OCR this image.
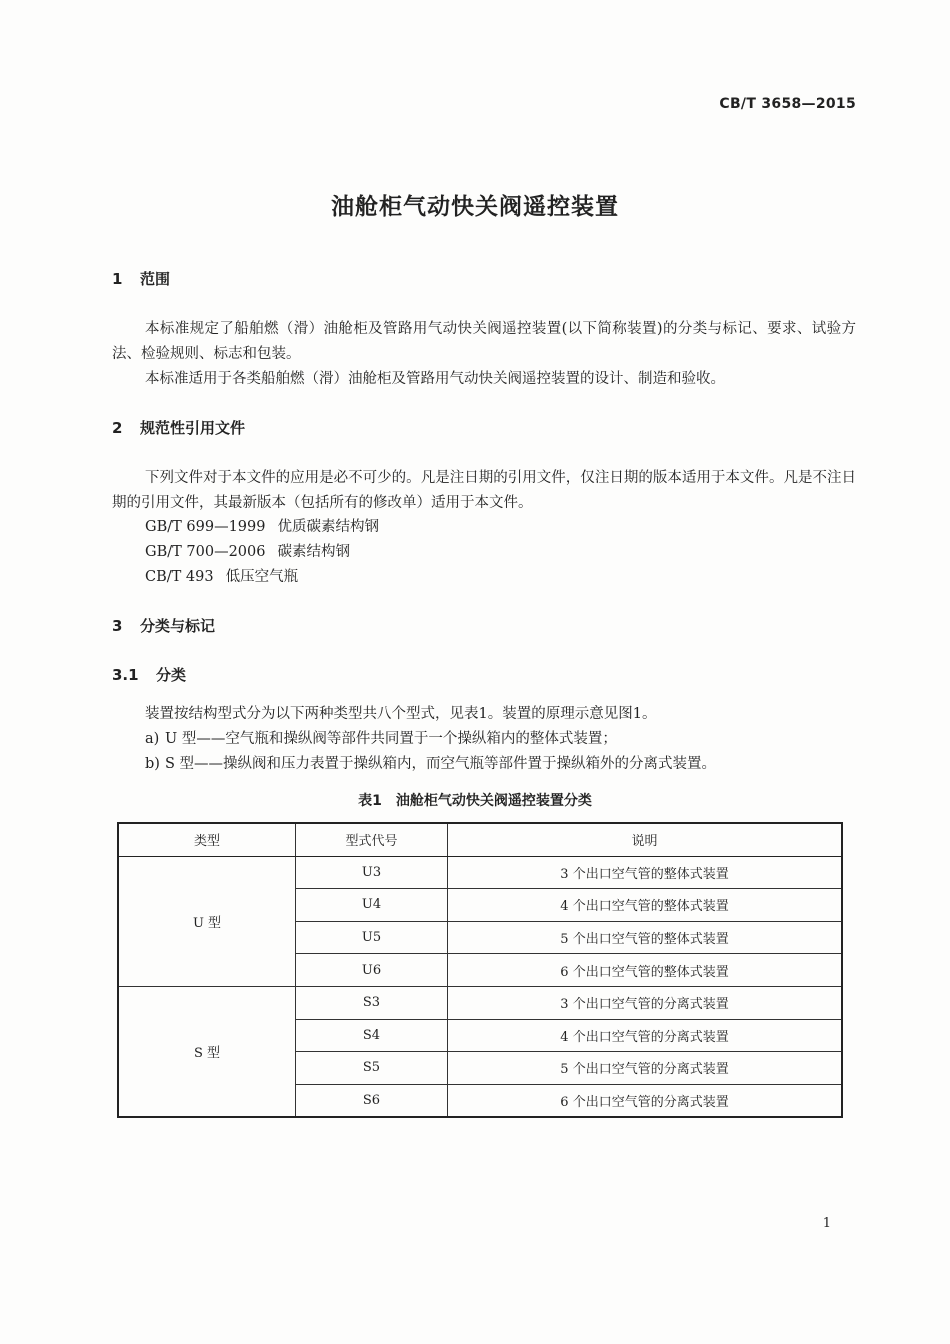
CB/T 3658—2015
油舱柜气动快关阀遥控装置
1 范围
本标准规定了船舶燃（滑）油舱柜及管路用气动快关阀遥控装置(以下简称装置)的分类与标记、要求、试验方法、检验规则、标志和包装。
本标准适用于各类船舶燃（滑）油舱柜及管路用气动快关阀遥控装置的设计、制造和验收。
2 规范性引用文件
下列文件对于本文件的应用是必不可少的。凡是注日期的引用文件，仅注日期的版本适用于本文件。凡是不注日期的引用文件，其最新版本（包括所有的修改单）适用于本文件。
GB/T 699—1999 优质碳素结构钢
GB/T 700—2006 碳素结构钢
CB/T 493 低压空气瓶
3 分类与标记
3.1 分类
装置按结构型式分为以下两种类型共八个型式，见表1。装置的原理示意见图1。
a) U 型——空气瓶和操纵阀等部件共同置于一个操纵箱内的整体式装置；
b) S 型——操纵阀和压力表置于操纵箱内，而空气瓶等部件置于操纵箱外的分离式装置。
表1 油舱柜气动快关阀遥控装置分类
类型	型式代号	说明
U 型	U3	3 个出口空气管的整体式装置
	U4	4 个出口空气管的整体式装置
	U5	5 个出口空气管的整体式装置
	U6	6 个出口空气管的整体式装置
S 型	S3	3 个出口空气管的分离式装置
	S4	4 个出口空气管的分离式装置
	S5	5 个出口空气管的分离式装置
	S6	6 个出口空气管的分离式装置
1
